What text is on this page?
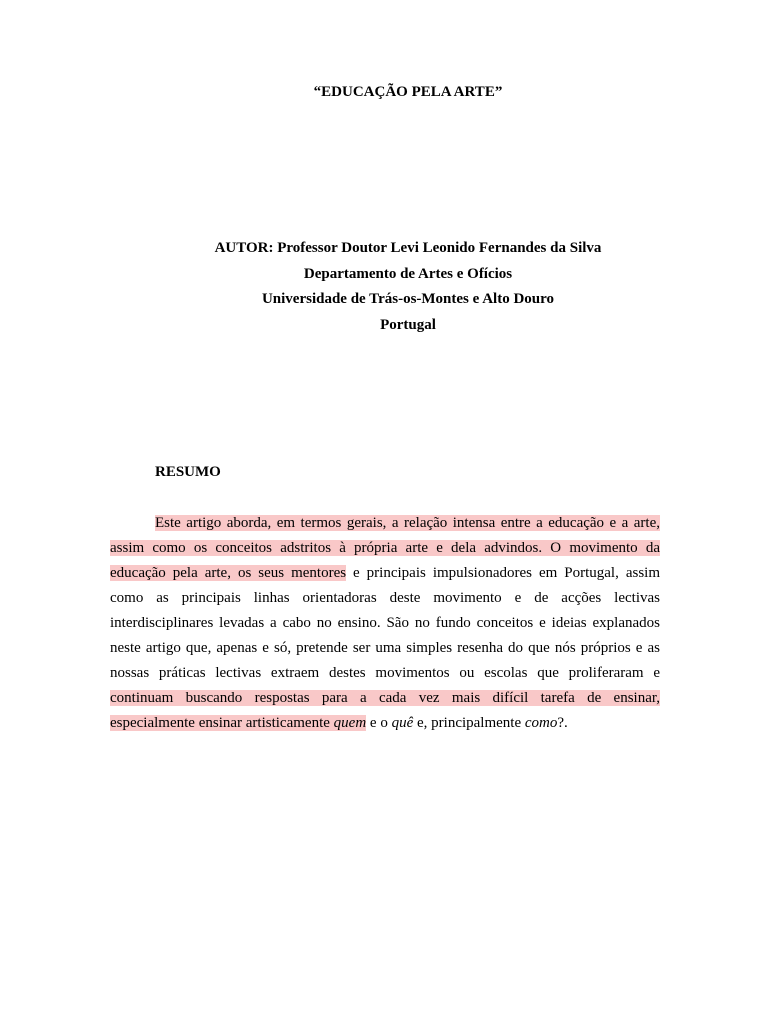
“EDUCAÇÃO PELA ARTE”
AUTOR: Professor Doutor Levi Leonido Fernandes da Silva
Departamento de Artes e Ofícios
Universidade de Trás-os-Montes e Alto Douro
Portugal
RESUMO
Este artigo aborda, em termos gerais, a relação intensa entre a educação e a arte,
assim como os conceitos adstritos à própria arte e dela advindos. O movimento da
educação pela arte, os seus mentores e principais impulsionadores em Portugal, assim
como as principais linhas orientadoras deste movimento e de acções lectivas
interdisciplinares levadas a cabo no ensino. São no fundo conceitos e ideias explanados
neste artigo que, apenas e só, pretende ser uma simples resenha do que nós próprios e as
nossas práticas lectivas extraem destes movimentos ou escolas que proliferaram e
continuam buscando respostas para a cada vez mais difícil tarefa de ensinar,
especialmente ensinar artisticamente quem e o quê e, principalmente como?.
